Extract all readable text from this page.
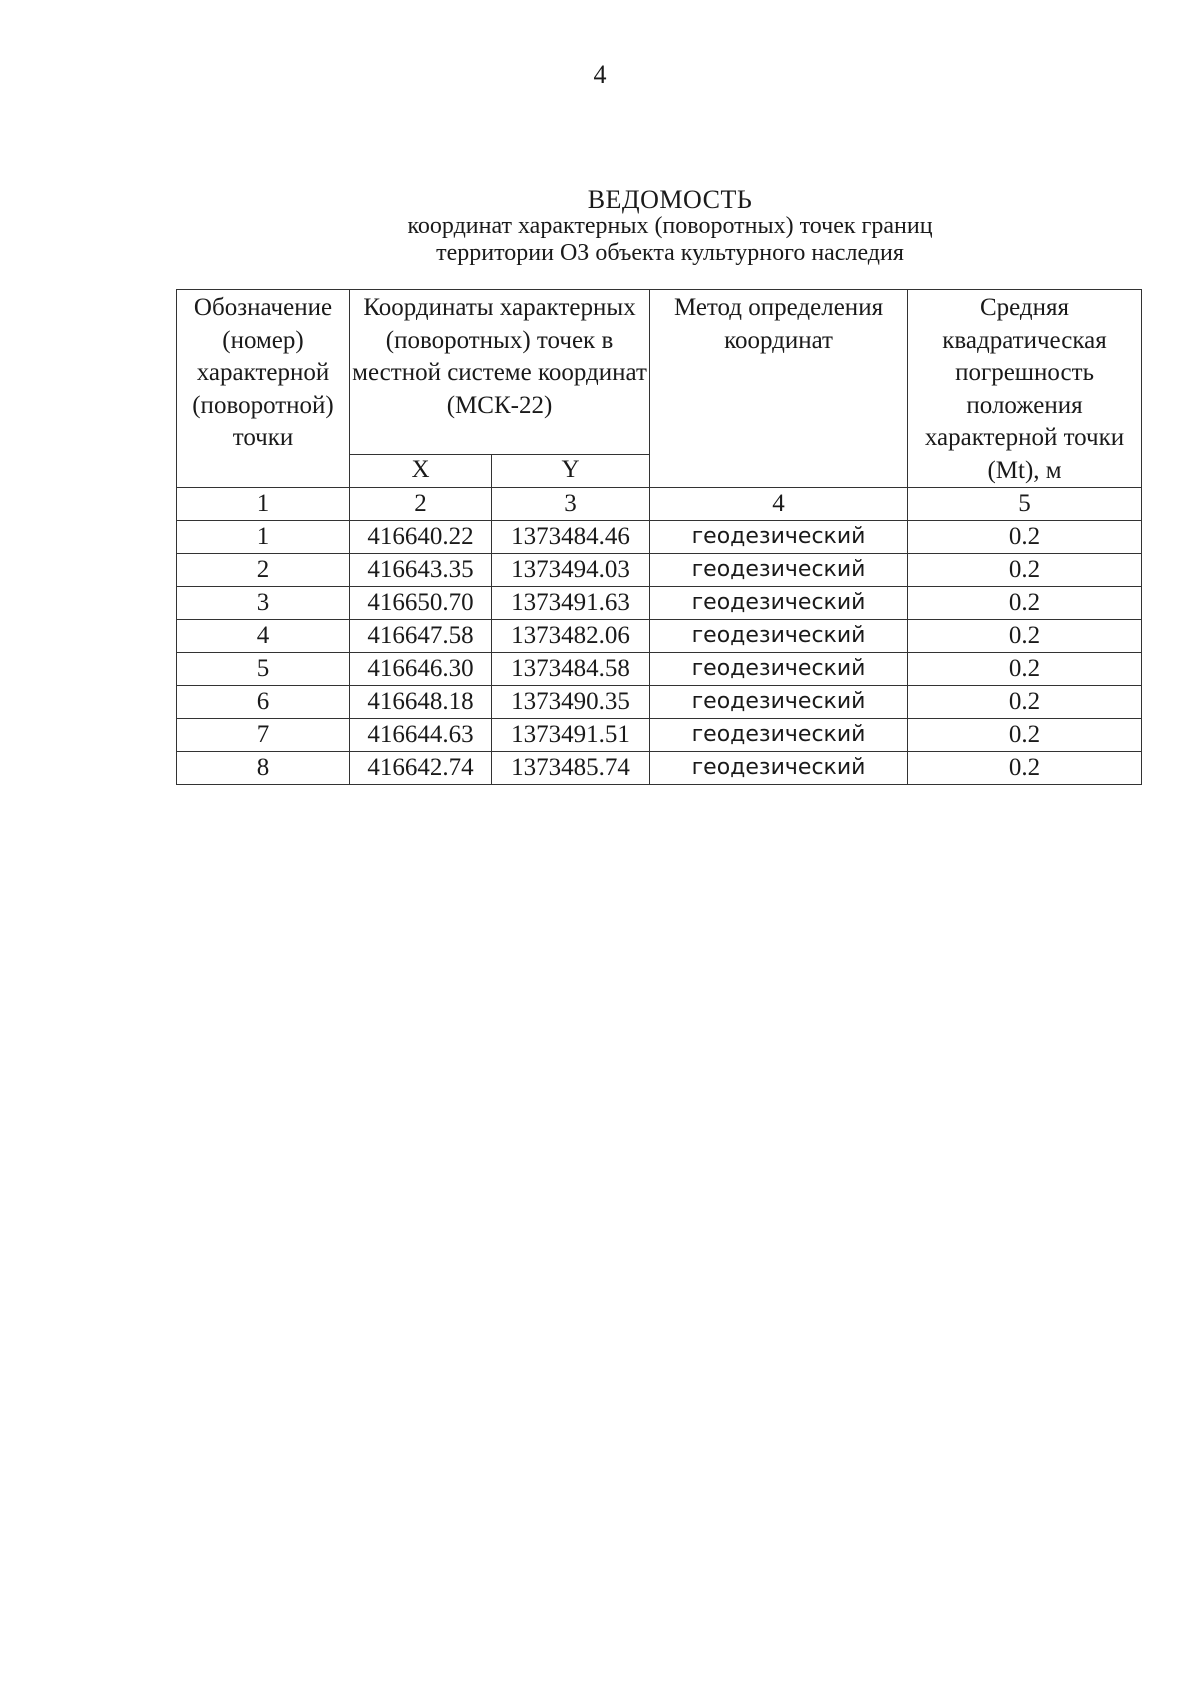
4
ВЕДОМОСТЬ
координат характерных (поворотных) точек границ
территории ОЗ объекта культурного наследия
Обозначение (номер) характерной (поворотной) точки	Координаты характерных (поворотных) точек в местной системе координат (МСК-22)		Метод определения координат	Средняя квадратическая погрешность положения характерной точки (Mt), м
	X	Y		
1	2	3	4	5
1	416640.22	1373484.46	геодезический	0.2
2	416643.35	1373494.03	геодезический	0.2
3	416650.70	1373491.63	геодезический	0.2
4	416647.58	1373482.06	геодезический	0.2
5	416646.30	1373484.58	геодезический	0.2
6	416648.18	1373490.35	геодезический	0.2
7	416644.63	1373491.51	геодезический	0.2
8	416642.74	1373485.74	геодезический	0.2
